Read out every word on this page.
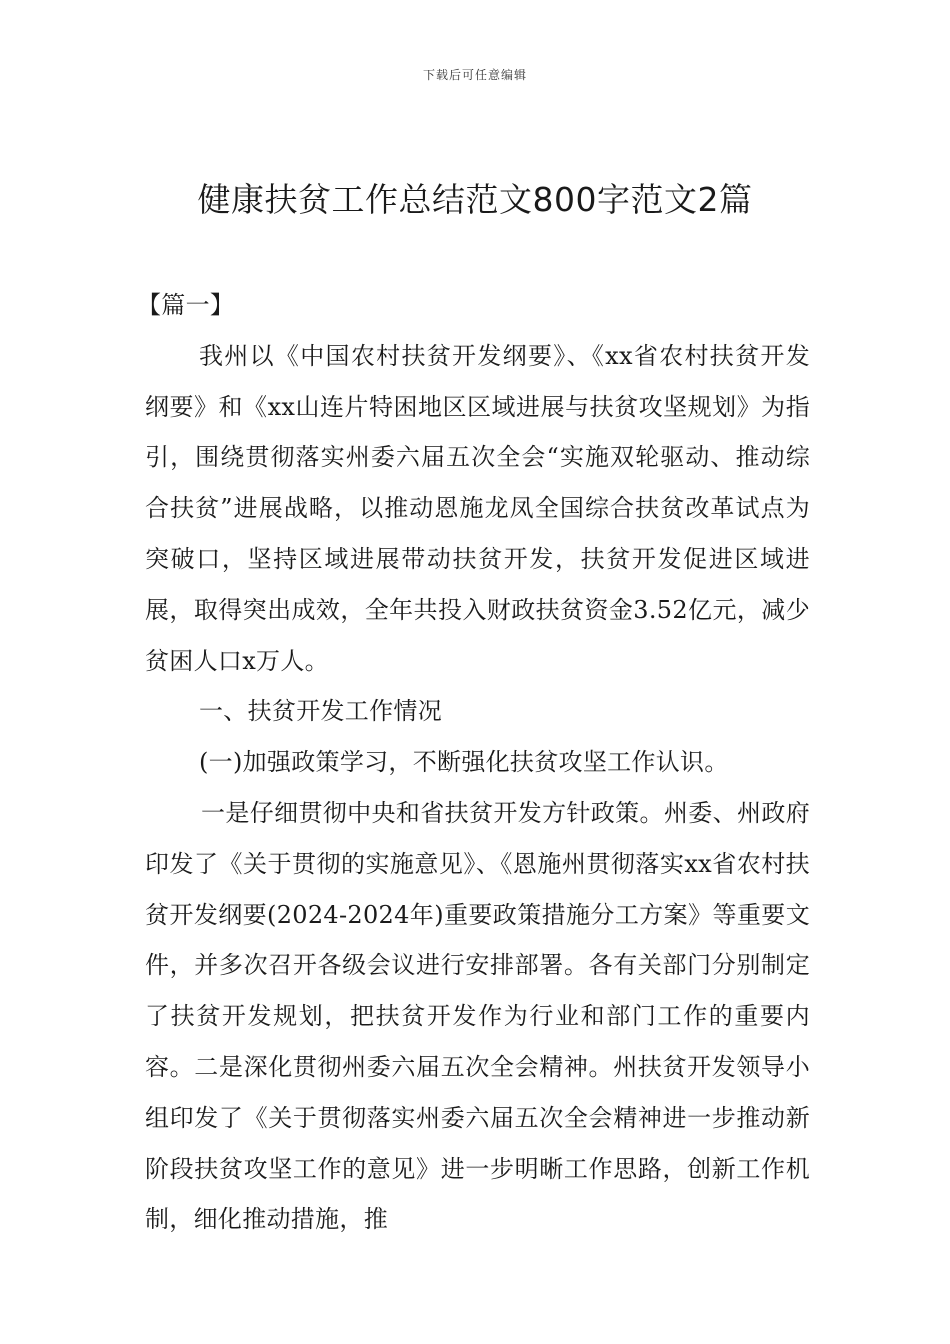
下载后可任意编辑
健康扶贫工作总结范文800字范文2篇

【篇一】

我州以《中国农村扶贫开发纲要》、《xx省农村扶贫开发纲要》和《xx山连片特困地区区域进展与扶贫攻坚规划》为指引，围绕贯彻落实州委六届五次全会“实施双轮驱动、推动综合扶贫”进展战略，以推动恩施龙凤全国综合扶贫改革试点为突破口，坚持区域进展带动扶贫开发，扶贫开发促进区域进展，取得突出成效，全年共投入财政扶贫资金3.52亿元，减少贫困人口x万人。

一、扶贫开发工作情况

(一)加强政策学习，不断强化扶贫攻坚工作认识。

一是仔细贯彻中央和省扶贫开发方针政策。州委、州政府印发了《关于贯彻的实施意见》、《恩施州贯彻落实xx省农村扶贫开发纲要(2024-2024年)重要政策措施分工方案》等重要文件，并多次召开各级会议进行安排部署。各有关部门分别制定了扶贫开发规划，把扶贫开发作为行业和部门工作的重要内容。二是深化贯彻州委六届五次全会精神。州扶贫开发领导小组印发了《关于贯彻落实州委六届五次全会精神进一步推动新阶段扶贫攻坚工作的意见》进一步明晰工作思路，创新工作机制，细化推动措施，推
